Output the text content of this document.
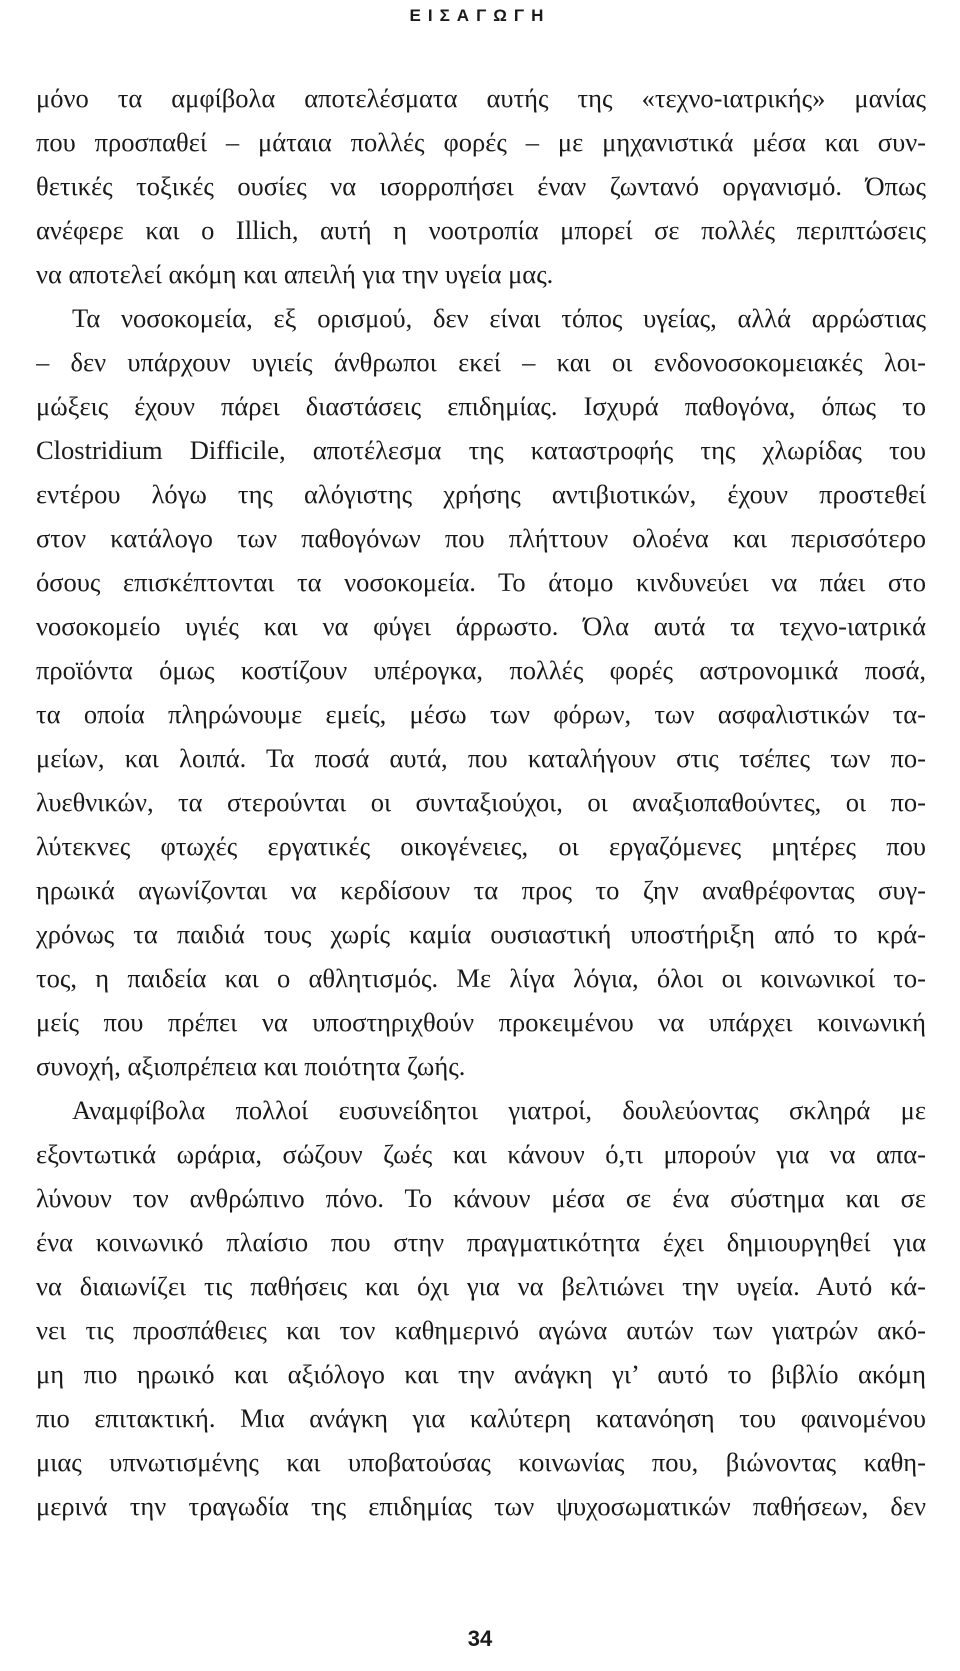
ΕΙΣΑΓΩΓΗ
μόνο τα αμφίβολα αποτελέσματα αυτής της «τεχνο-ιατρικής» μανίας
που προσπαθεί – μάταια πολλές φορές – με μηχανιστικά μέσα και συν-
θετικές τοξικές ουσίες να ισορροπήσει έναν ζωντανό οργανισμό. Όπως
ανέφερε και ο Illich, αυτή η νοοτροπία μπορεί σε πολλές περιπτώσεις
να αποτελεί ακόμη και απειλή για την υγεία μας.
Τα νοσοκομεία, εξ ορισμού, δεν είναι τόπος υγείας, αλλά αρρώστιας
– δεν υπάρχουν υγιείς άνθρωποι εκεί – και οι ενδονοσοκομειακές λοι-
μώξεις έχουν πάρει διαστάσεις επιδημίας. Ισχυρά παθογόνα, όπως το
Clostridium Difficile, αποτέλεσμα της καταστροφής της χλωρίδας του
εντέρου λόγω της αλόγιστης χρήσης αντιβιοτικών, έχουν προστεθεί
στον κατάλογο των παθογόνων που πλήττουν ολοένα και περισσότερο
όσους επισκέπτονται τα νοσοκομεία. Το άτομο κινδυνεύει να πάει στο
νοσοκομείο υγιές και να φύγει άρρωστο. Όλα αυτά τα τεχνο-ιατρικά
προϊόντα όμως κοστίζουν υπέρογκα, πολλές φορές αστρονομικά ποσά,
τα οποία πληρώνουμε εμείς, μέσω των φόρων, των ασφαλιστικών τα-
μείων, και λοιπά. Τα ποσά αυτά, που καταλήγουν στις τσέπες των πο-
λυεθνικών, τα στερούνται οι συνταξιούχοι, οι αναξιοπαθούντες, οι πο-
λύτεκνες φτωχές εργατικές οικογένειες, οι εργαζόμενες μητέρες που
ηρωικά αγωνίζονται να κερδίσουν τα προς το ζην αναθρέφοντας συγ-
χρόνως τα παιδιά τους χωρίς καμία ουσιαστική υποστήριξη από το κρά-
τος, η παιδεία και ο αθλητισμός. Με λίγα λόγια, όλοι οι κοινωνικοί το-
μείς που πρέπει να υποστηριχθούν προκειμένου να υπάρχει κοινωνική
συνοχή, αξιοπρέπεια και ποιότητα ζωής.
Αναμφίβολα πολλοί ευσυνείδητοι γιατροί, δουλεύοντας σκληρά με
εξοντωτικά ωράρια, σώζουν ζωές και κάνουν ό,τι μπορούν για να απα-
λύνουν τον ανθρώπινο πόνο. Το κάνουν μέσα σε ένα σύστημα και σε
ένα κοινωνικό πλαίσιο που στην πραγματικότητα έχει δημιουργηθεί για
να διαιωνίζει τις παθήσεις και όχι για να βελτιώνει την υγεία. Αυτό κά-
νει τις προσπάθειες και τον καθημερινό αγώνα αυτών των γιατρών ακό-
μη πιο ηρωικό και αξιόλογο και την ανάγκη γι’ αυτό το βιβλίο ακόμη
πιο επιτακτική. Μια ανάγκη για καλύτερη κατανόηση του φαινομένου
μιας υπνωτισμένης και υποβατούσας κοινωνίας που, βιώνοντας καθη-
μερινά την τραγωδία της επιδημίας των ψυχοσωματικών παθήσεων, δεν
34
